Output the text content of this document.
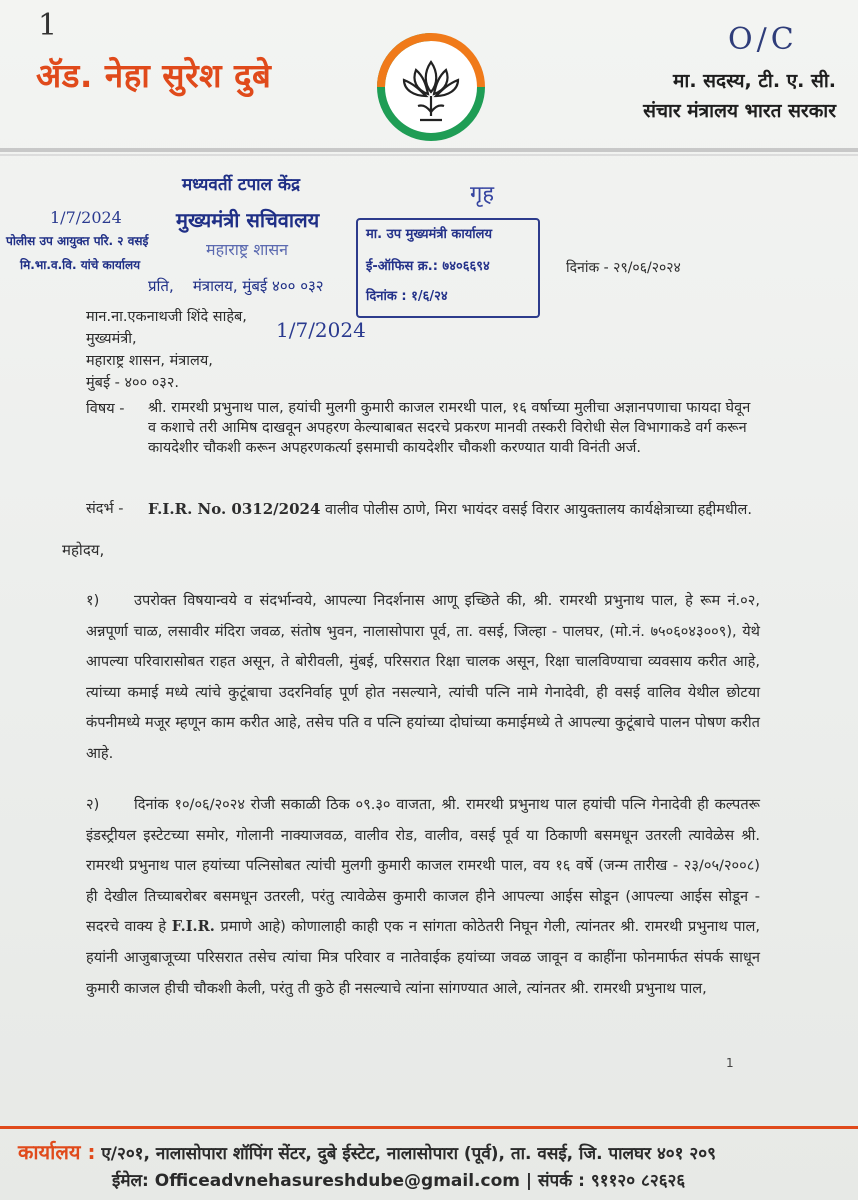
1	O/C
ॲड. नेहा सुरेश दुबे	मा. सदस्य, टी. ए. सी.
संचार मंत्रालय भारत सरकार
मध्यवर्ती टपाल केंद्र	गृह
1/7/2024	मुख्यमंत्री सचिवालय
पोलीस उप आयुक्त परि. २ वसई	महाराष्ट्र शासन
मि.भा.व.वि. यांचे कार्यालय
प्रति, मंत्रालय, मुंबई ४०० ०३२
मा. उप मुख्यमंत्री कार्यालय
ई-ऑफिस क्र.: ७४०६६९४
दिनांक : १/६/२४
दिनांक - २९/०६/२०२४
मान.ना.एकनाथजी शिंदे साहेब,
1/7/2024
मुख्यमंत्री,
महाराष्ट्र शासन, मंत्रालय,
मुंबई - ४०० ०३२.
विषय - श्री. रामरथी प्रभुनाथ पाल, हयांची मुलगी कुमारी काजल रामरथी पाल, १६ वर्षाच्या मुलीचा अज्ञानपणाचा फायदा घेवून व कशाचे तरी आमिष दाखवून अपहरण केल्याबाबत सदरचे प्रकरण मानवी तस्करी विरोधी सेल विभागाकडे वर्ग करून कायदेशीर चौकशी करून अपहरणकर्त्या इसमाची कायदेशीर चौकशी करण्यात यावी विनंती अर्ज.
संदर्भ - F.I.R. No. 0312/2024 वालीव पोलीस ठाणे, मिरा भायंदर वसई विरार आयुक्तालय कार्यक्षेत्राच्या हद्दीमधील.
महोदय,
१) उपरोक्त विषयान्वये व संदर्भान्वये, आपल्या निदर्शनास आणू इच्छिते की, श्री. रामरथी प्रभुनाथ पाल, हे रूम नं.०२, अन्नपूर्णा चाळ, लसावीर मंदिरा जवळ, संतोष भुवन, नालासोपारा पूर्व, ता. वसई, जिल्हा - पालघर, (मो.नं. ७५०६०४३००९), येथे आपल्या परिवारासोबत राहत असून, ते बोरीवली, मुंबई, परिसरात रिक्षा चालक असून, रिक्षा चालविण्याचा व्यवसाय करीत आहे, त्यांच्या कमाई मध्ये त्यांचे कुटूंबाचा उदरनिर्वाह पूर्ण होत नसल्याने, त्यांची पत्नि नामे गेनादेवी, ही वसई वालिव येथील छोटया कंपनीमध्ये मजूर म्हणून काम करीत आहे, तसेच पति व पत्नि हयांच्या दोघांच्या कमाईमध्ये ते आपल्या कुटूंबाचे पालन पोषण करीत आहे.
२) दिनांक १०/०६/२०२४ रोजी सकाळी ठिक ०९.३० वाजता, श्री. रामरथी प्रभुनाथ पाल हयांची पत्नि गेनादेवी ही कल्पतरू इंडस्ट्रीयल इस्टेटच्या समोर, गोलानी नाक्याजवळ, वालीव रोड, वालीव, वसई पूर्व या ठिकाणी बसमधून उतरली त्यावेळेस श्री. रामरथी प्रभुनाथ पाल हयांच्या पत्निसोबत त्यांची मुलगी कुमारी काजल रामरथी पाल, वय १६ वर्षे (जन्म तारीख - २३/०५/२००८) ही देखील तिच्याबरोबर बसमधून उतरली, परंतु त्यावेळेस कुमारी काजल हीने आपल्या आईस सोडून (आपल्या आईस सोडून - सदरचे वाक्य हे F.I.R. प्रमाणे आहे) कोणालाही काही एक न सांगता कोठेतरी निघून गेली, त्यांनतर श्री. रामरथी प्रभुनाथ पाल, हयांनी आजुबाजूच्या परिसरात तसेच त्यांचा मित्र परिवार व नातेवाईक हयांच्या जवळ जावून व काहींना फोनमार्फत संपर्क साधून कुमारी काजल हीची चौकशी केली, परंतु ती कुठे ही नसल्याचे त्यांना सांगण्यात आले, त्यांनतर श्री. रामरथी प्रभुनाथ पाल,
1
कार्यालय : ए/२०१, नालासोपारा शॉपिंग सेंटर, दुबे ईस्टेट, नालासोपारा (पूर्व), ता. वसई, जि. पालघर ४०१ २०९
ईमेल: Officeadvnehasureshdube@gmail.com | संपर्क : ९११२० ८२६२६
